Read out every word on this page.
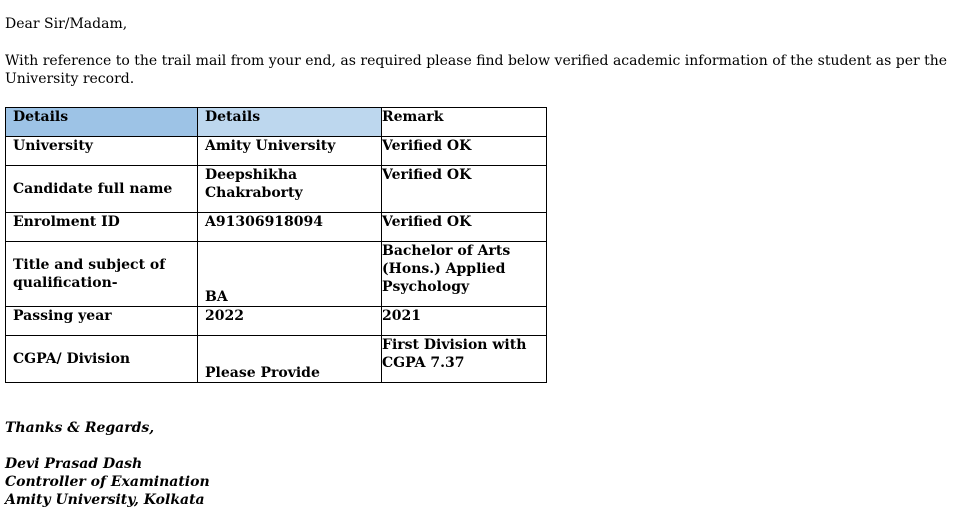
Dear Sir/Madam,
With reference to the trail mail from your end, as required please find below verified academic information of the student as per the University record.
Details	Details	Remark
University	Amity University	Verified OK
Candidate full name	Deepshikha Chakraborty	Verified OK
Enrolment ID	A91306918094	Verified OK
Title and subject of qualification-	BA	Bachelor of Arts (Hons.) Applied Psychology
Passing year	2022	2021
CGPA/ Division	Please Provide	First Division with CGPA 7.37
Thanks & Regards,
Devi Prasad Dash
Controller of Examination
Amity University, Kolkata
